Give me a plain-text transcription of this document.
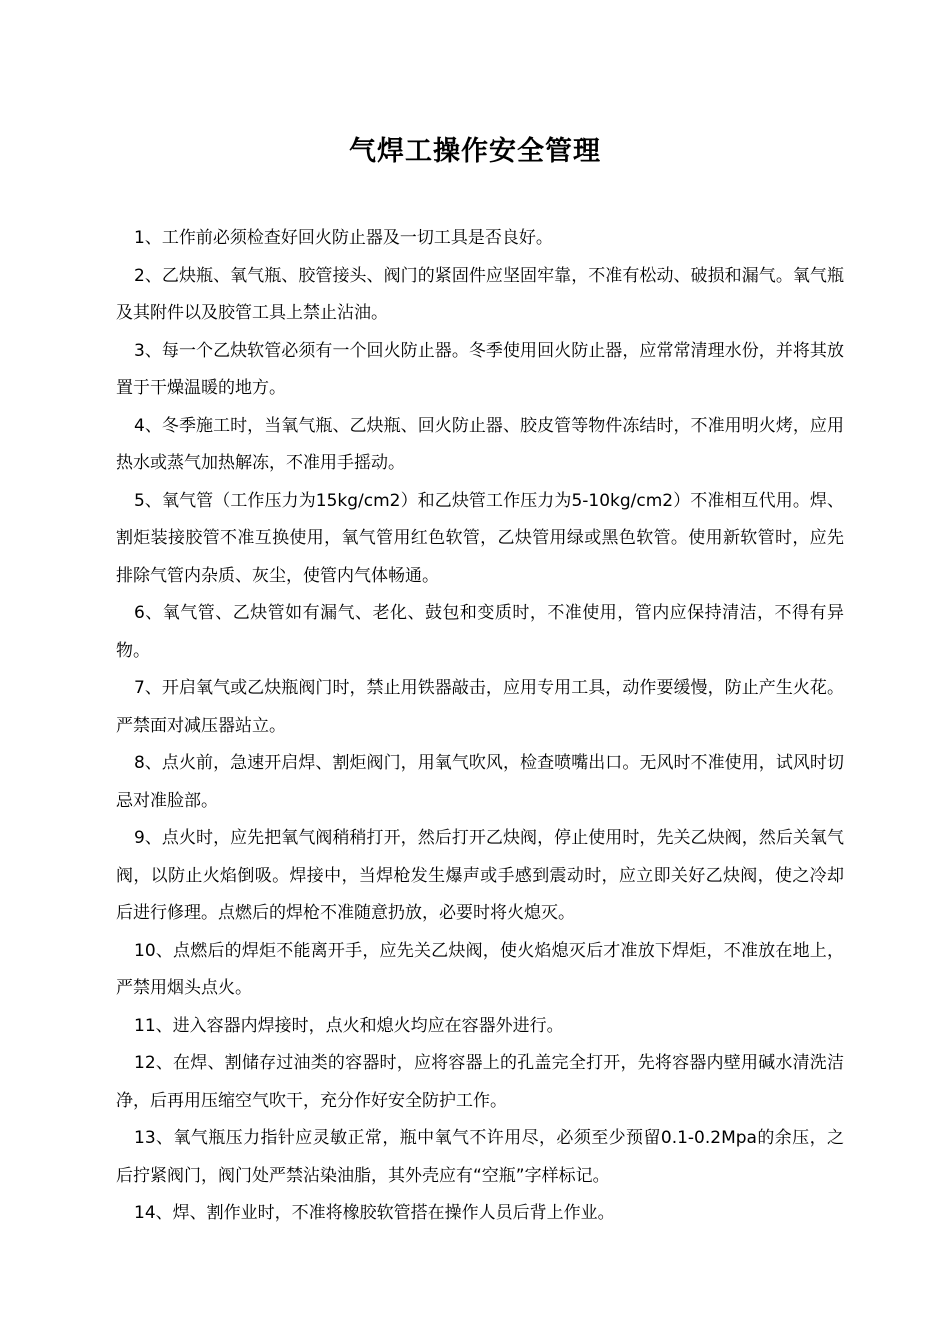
气焊工操作安全管理

1、工作前必须检查好回火防止器及一切工具是否良好。

2、乙炔瓶、氧气瓶、胶管接头、阀门的紧固件应坚固牢靠，不准有松动、破损和漏气。氧气瓶及其附件以及胶管工具上禁止沾油。

3、每一个乙炔软管必须有一个回火防止器。冬季使用回火防止器，应常常清理水份，并将其放置于干燥温暖的地方。

4、冬季施工时，当氧气瓶、乙炔瓶、回火防止器、胶皮管等物件冻结时，不准用明火烤，应用热水或蒸气加热解冻，不准用手摇动。

5、氧气管（工作压力为15kg/cm2）和乙炔管工作压力为5-10kg/cm2）不准相互代用。焊、割炬装接胶管不准互换使用，氧气管用红色软管，乙炔管用绿或黑色软管。使用新软管时，应先排除气管内杂质、灰尘，使管内气体畅通。

6、氧气管、乙炔管如有漏气、老化、鼓包和变质时，不准使用，管内应保持清洁，不得有异物。

7、开启氧气或乙炔瓶阀门时，禁止用铁器敲击，应用专用工具，动作要缓慢，防止产生火花。严禁面对减压器站立。

8、点火前，急速开启焊、割炬阀门，用氧气吹风，检查喷嘴出口。无风时不准使用，试风时切忌对准脸部。

9、点火时，应先把氧气阀稍稍打开，然后打开乙炔阀，停止使用时，先关乙炔阀，然后关氧气阀，以防止火焰倒吸。焊接中，当焊枪发生爆声或手感到震动时，应立即关好乙炔阀，使之冷却后进行修理。点燃后的焊枪不准随意扔放，必要时将火熄灭。

10、点燃后的焊炬不能离开手，应先关乙炔阀，使火焰熄灭后才准放下焊炬，不准放在地上，严禁用烟头点火。

11、进入容器内焊接时，点火和熄火均应在容器外进行。

12、在焊、割储存过油类的容器时，应将容器上的孔盖完全打开，先将容器内壁用碱水清洗洁净，后再用压缩空气吹干，充分作好安全防护工作。

13、氧气瓶压力指针应灵敏正常，瓶中氧气不许用尽，必须至少预留0.1-0.2Mpa的余压，之后拧紧阀门，阀门处严禁沾染油脂，其外壳应有“空瓶”字样标记。

14、焊、割作业时，不准将橡胶软管搭在操作人员后背上作业。
